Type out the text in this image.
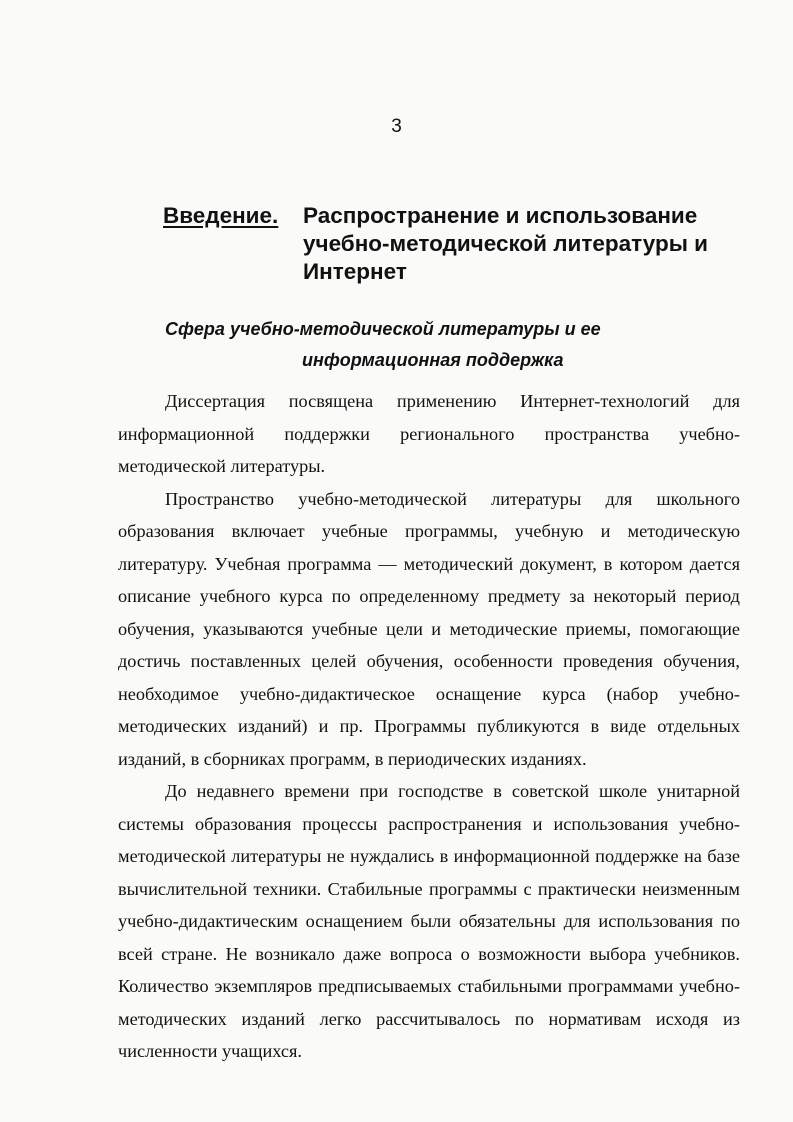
3
Введение. Распространение и использование
учебно-методической литературы и
Интернет
Сфера учебно-методической литературы и ее
информационная поддержка

Диссертация посвящена применению Интернет-технологий для информационной поддержки регионального пространства учебно-методической литературы.

Пространство учебно-методической литературы для школьного образования включает учебные программы, учебную и методическую литературу. Учебная программа — методический документ, в котором дается описание учебного курса по определенному предмету за некоторый период обучения, указываются учебные цели и методические приемы, помогающие достичь поставленных целей обучения, особенности проведения обучения, необходимое учебно-дидактическое оснащение курса (набор учебно-методических изданий) и пр. Программы публикуются в виде отдельных изданий, в сборниках программ, в периодических изданиях.

До недавнего времени при господстве в советской школе унитарной системы образования процессы распространения и использования учебно-методической литературы не нуждались в информационной поддержке на базе вычислительной техники. Стабильные программы с практически неизменным учебно-дидактическим оснащением были обязательны для использования по всей стране. Не возникало даже вопроса о возможности выбора учебников. Количество экземпляров предписываемых стабильными программами учебно-методических изданий легко рассчитывалось по нормативам исходя из численности учащихся.
